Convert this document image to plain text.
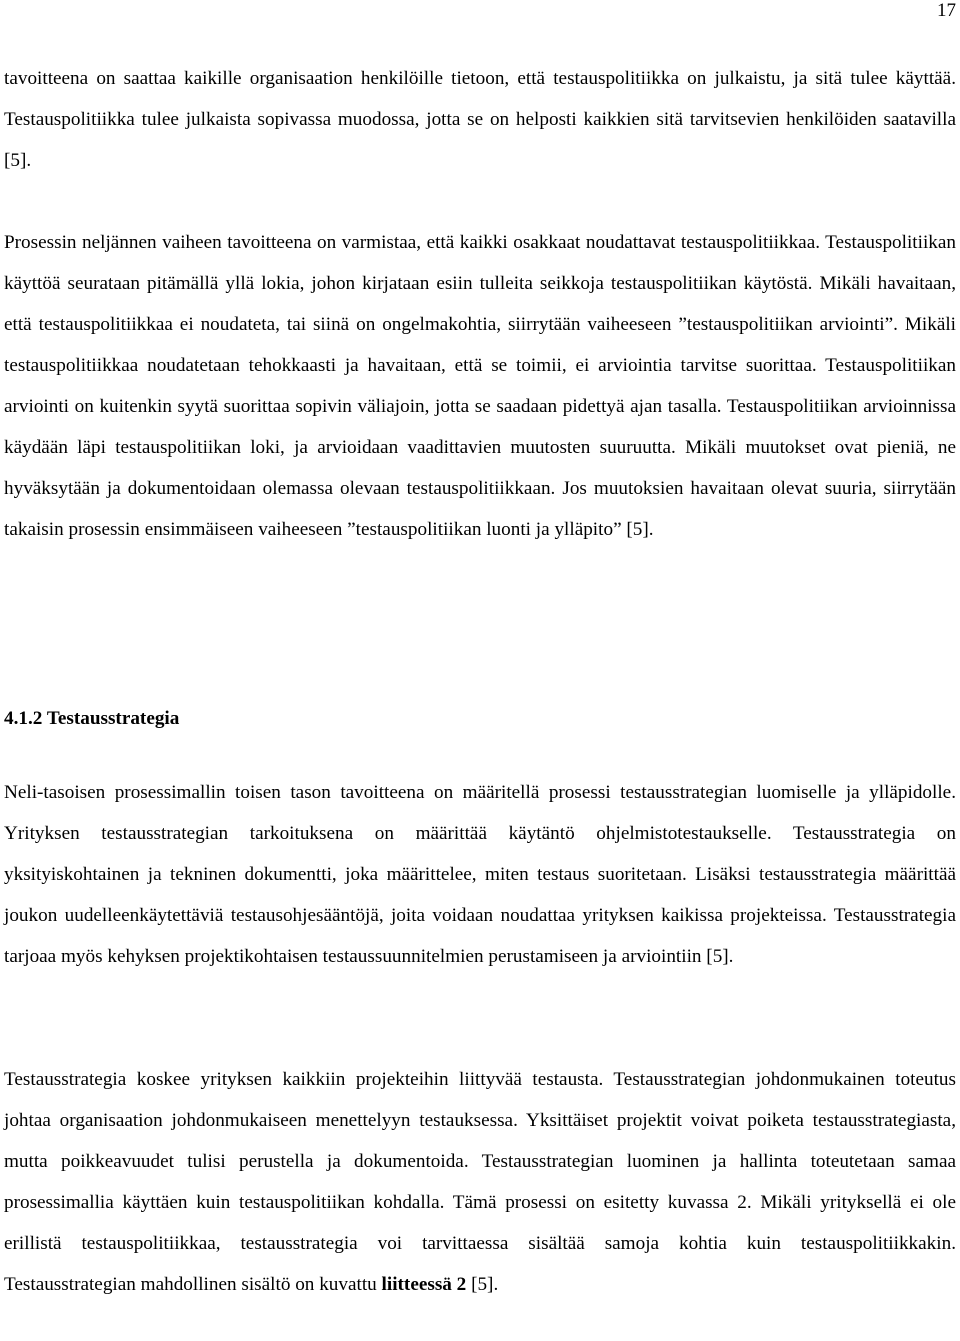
17

tavoitteena on saattaa kaikille organisaation henkilöille tietoon, että testauspolitiikka on julkaistu, ja sitä tulee käyttää. Testauspolitiikka tulee julkaista sopivassa muodossa, jotta se on helposti kaikkien sitä tarvitsevien henkilöiden saatavilla [5].

Prosessin neljännen vaiheen tavoitteena on varmistaa, että kaikki osakkaat noudattavat testauspolitiikkaa. Testauspolitiikan käyttöä seurataan pitämällä yllä lokia, johon kirjataan esiin tulleita seikkoja testauspolitiikan käytöstä. Mikäli havaitaan, että testauspolitiikkaa ei noudateta, tai siinä on ongelmakohtia, siirrytään vaiheeseen ”testauspolitiikan arviointi”. Mikäli testauspolitiikkaa noudatetaan tehokkaasti ja havaitaan, että se toimii, ei arviointia tarvitse suorittaa. Testauspolitiikan arviointi on kuitenkin syytä suorittaa sopivin väliajoin, jotta se saadaan pidettyä ajan tasalla. Testauspolitiikan arvioinnissa käydään läpi testauspolitiikan loki, ja arvioidaan vaadittavien muutosten suuruutta. Mikäli muutokset ovat pieniä, ne hyväksytään ja dokumentoidaan olemassa olevaan testauspolitiikkaan. Jos muutoksien havaitaan olevat suuria, siirrytään takaisin prosessin ensimmäiseen vaiheeseen ”testauspolitiikan luonti ja ylläpito” [5].

4.1.2 Testausstrategia

Neli-tasoisen prosessimallin toisen tason tavoitteena on määritellä prosessi testausstrategian luomiselle ja ylläpidolle. Yrityksen testausstrategian tarkoituksena on määrittää käytäntö ohjelmistotestaukselle. Testausstrategia on yksityiskohtainen ja tekninen dokumentti, joka määrittelee, miten testaus suoritetaan. Lisäksi testausstrategia määrittää joukon uudelleenkäytettäviä testausohjesääntöjä, joita voidaan noudattaa yrityksen kaikissa projekteissa. Testausstrategia tarjoaa myös kehyksen projektikohtaisen testaussuunnitelmien perustamiseen ja arviointiin [5].

Testausstrategia koskee yrityksen kaikkiin projekteihin liittyvää testausta. Testausstrategian johdonmukainen toteutus johtaa organisaation johdonmukaiseen menettelyyn testauksessa. Yksittäiset projektit voivat poiketa testausstrategiasta, mutta poikkeavuudet tulisi perustella ja dokumentoida. Testausstrategian luominen ja hallinta toteutetaan samaa prosessimallia käyttäen kuin testauspolitiikan kohdalla. Tämä prosessi on esitetty kuvassa 2. Mikäli yrityksellä ei ole erillistä testauspolitiikkaa, testausstrategia voi tarvittaessa sisältää samoja kohtia kuin testauspolitiikkakin. Testausstrategian mahdollinen sisältö on kuvattu liitteessä 2 [5].
